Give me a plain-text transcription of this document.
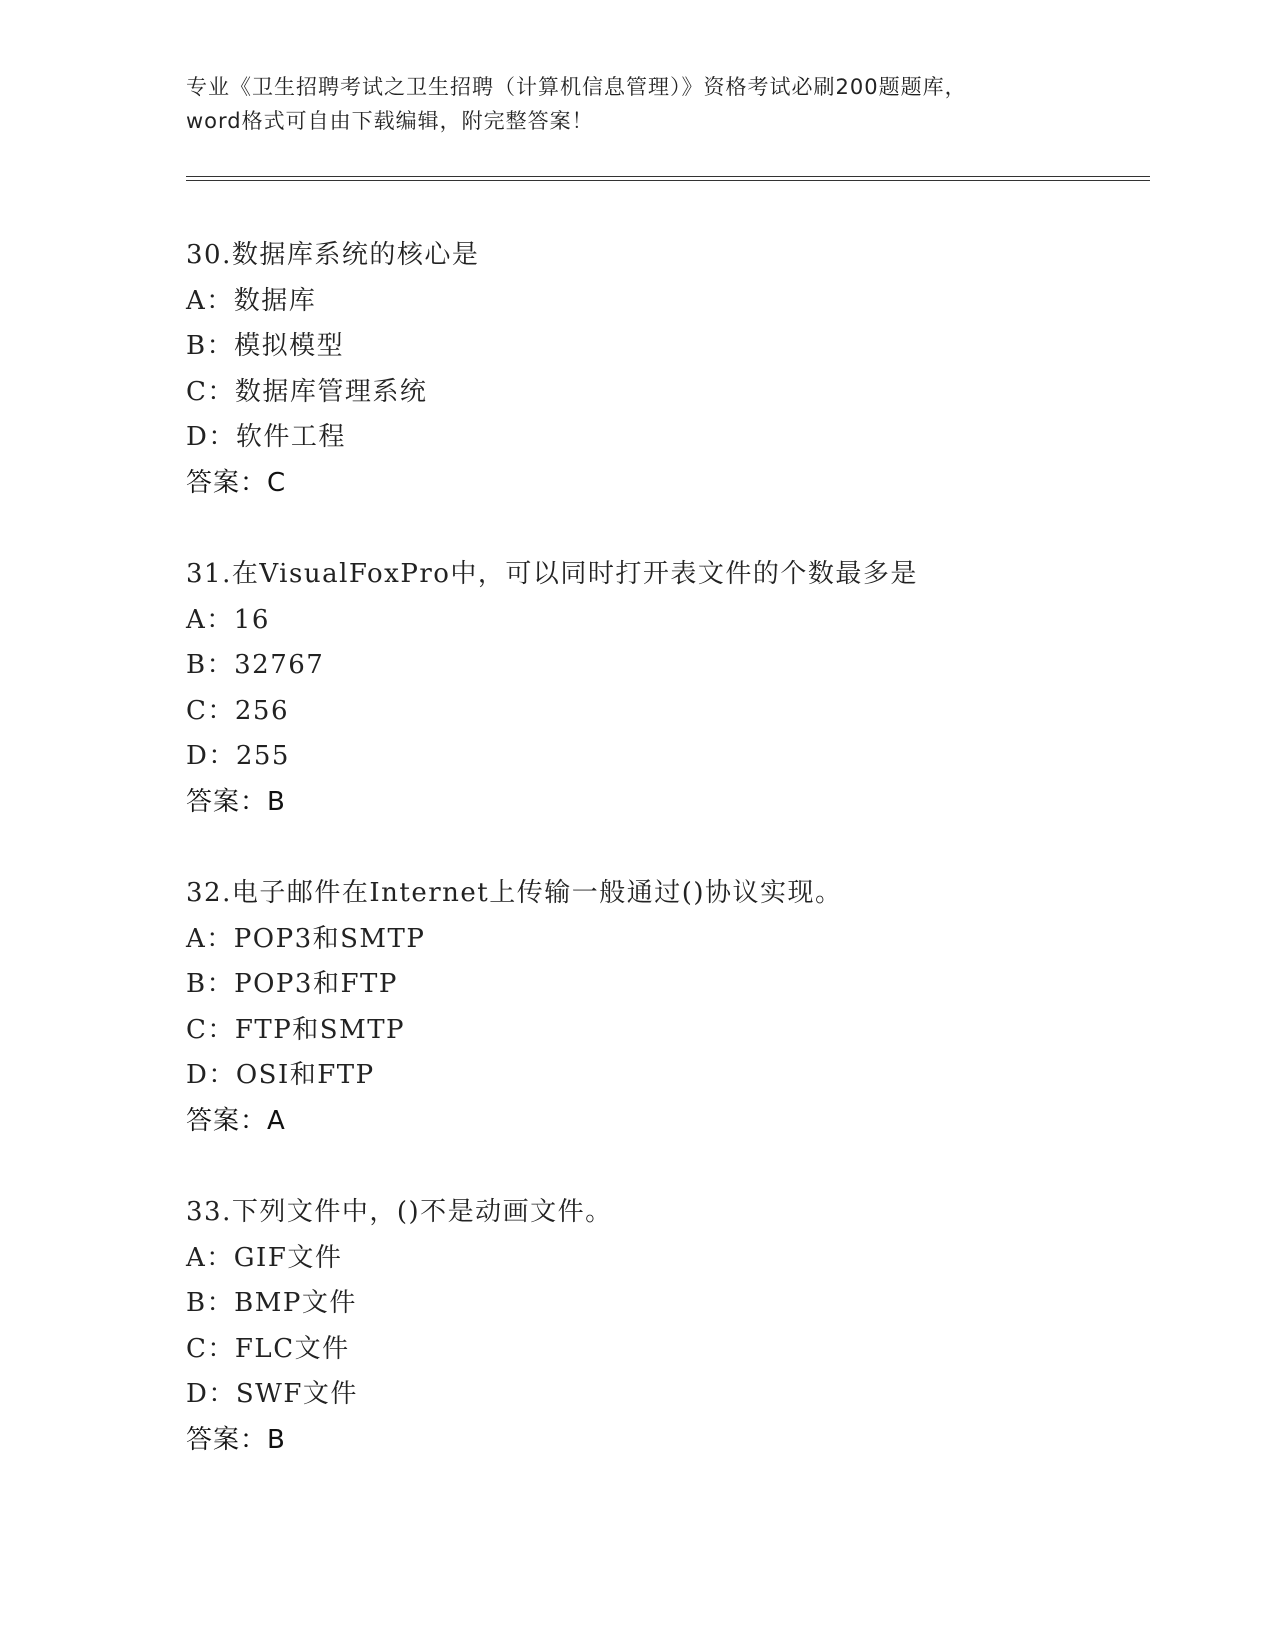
专业《卫生招聘考试之卫生招聘（计算机信息管理）》资格考试必刷200题题库，
word格式可自由下载编辑，附完整答案！
30.数据库系统的核心是
A：数据库
B：模拟模型
C：数据库管理系统
D：软件工程
答案：C
31.在VisualFoxPro中，可以同时打开表文件的个数最多是
A：16
B：32767
C：256
D：255
答案：B
32.电子邮件在Internet上传输一般通过()协议实现。
A：POP3和SMTP
B：POP3和FTP
C：FTP和SMTP
D：OSI和FTP
答案：A
33.下列文件中，()不是动画文件。
A：GIF文件
B：BMP文件
C：FLC文件
D：SWF文件
答案：B
